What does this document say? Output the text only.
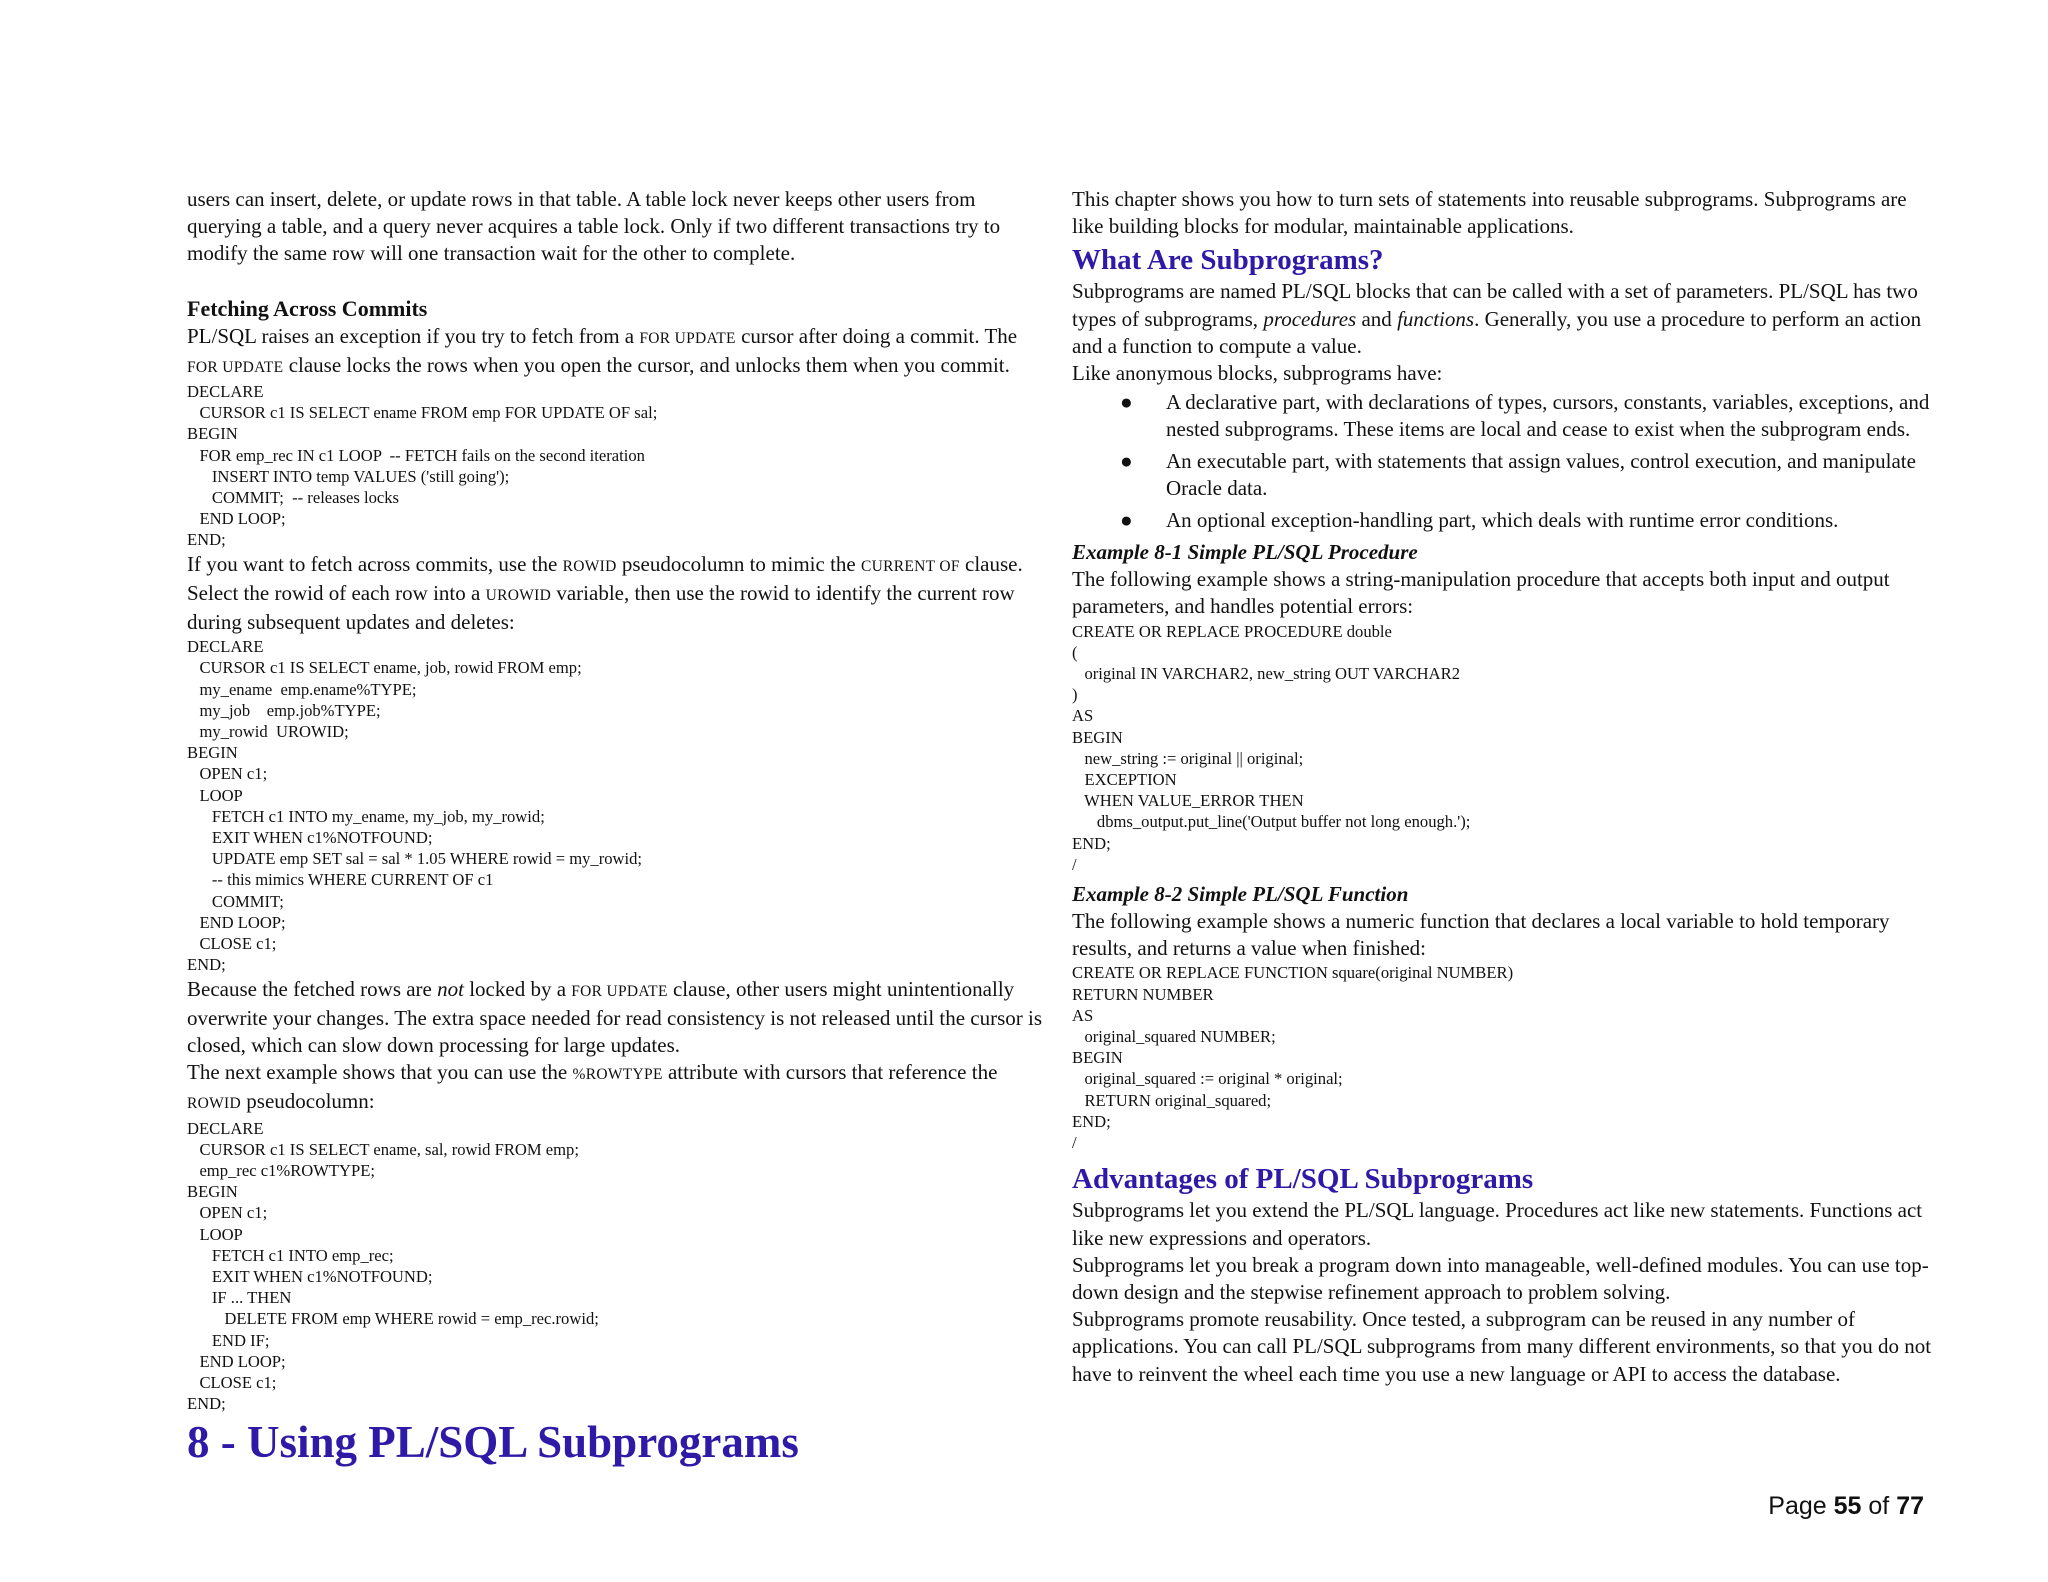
users can insert, delete, or update rows in that table. A table lock never keeps other users from querying a table, and a query never acquires a table lock. Only if two different transactions try to modify the same row will one transaction wait for the other to complete.

Fetching Across Commits

PL/SQL raises an exception if you try to fetch from a FOR UPDATE cursor after doing a commit. The FOR UPDATE clause locks the rows when you open the cursor, and unlocks them when you commit.

DECLARE
CURSOR c1 IS SELECT ename FROM emp FOR UPDATE OF sal;
BEGIN
FOR emp_rec IN c1 LOOP  -- FETCH fails on the second iteration
INSERT INTO temp VALUES ('still going');
COMMIT;  -- releases locks
END LOOP;
END;

If you want to fetch across commits, use the ROWID pseudocolumn to mimic the CURRENT OF clause. Select the rowid of each row into a UROWID variable, then use the rowid to identify the current row during subsequent updates and deletes:

DECLARE
CURSOR c1 IS SELECT ename, job, rowid FROM emp;
my_ename  emp.ename%TYPE;
my_job    emp.job%TYPE;
my_rowid  UROWID;
BEGIN
OPEN c1;
LOOP
FETCH c1 INTO my_ename, my_job, my_rowid;
EXIT WHEN c1%NOTFOUND;
UPDATE emp SET sal = sal * 1.05 WHERE rowid = my_rowid;
-- this mimics WHERE CURRENT OF c1
COMMIT;
END LOOP;
CLOSE c1;
END;

Because the fetched rows are not locked by a FOR UPDATE clause, other users might unintentionally overwrite your changes. The extra space needed for read consistency is not released until the cursor is closed, which can slow down processing for large updates.

The next example shows that you can use the %ROWTYPE attribute with cursors that reference the ROWID pseudocolumn:

DECLARE
CURSOR c1 IS SELECT ename, sal, rowid FROM emp;
emp_rec c1%ROWTYPE;
BEGIN
OPEN c1;
LOOP
FETCH c1 INTO emp_rec;
EXIT WHEN c1%NOTFOUND;
IF ... THEN
DELETE FROM emp WHERE rowid = emp_rec.rowid;
END IF;
END LOOP;
CLOSE c1;
END;
8 - Using PL/SQL Subprograms

This chapter shows you how to turn sets of statements into reusable subprograms. Subprograms are like building blocks for modular, maintainable applications.

What Are Subprograms?

Subprograms are named PL/SQL blocks that can be called with a set of parameters. PL/SQL has two types of subprograms, procedures and functions. Generally, you use a procedure to perform an action and a function to compute a value.

Like anonymous blocks, subprograms have:

● A declarative part, with declarations of types, cursors, constants, variables, exceptions, and nested subprograms. These items are local and cease to exist when the subprogram ends.
● An executable part, with statements that assign values, control execution, and manipulate Oracle data.
● An optional exception-handling part, which deals with runtime error conditions.

Example 8-1 Simple PL/SQL Procedure

The following example shows a string-manipulation procedure that accepts both input and output parameters, and handles potential errors:

CREATE OR REPLACE PROCEDURE double
(
original IN VARCHAR2, new_string OUT VARCHAR2
)
AS
BEGIN
new_string := original || original;
EXCEPTION
WHEN VALUE_ERROR THEN
dbms_output.put_line('Output buffer not long enough.');
END;
/

Example 8-2 Simple PL/SQL Function

The following example shows a numeric function that declares a local variable to hold temporary results, and returns a value when finished:

CREATE OR REPLACE FUNCTION square(original NUMBER)
RETURN NUMBER
AS
original_squared NUMBER;
BEGIN
original_squared := original * original;
RETURN original_squared;
END;
/
Advantages of PL/SQL Subprograms

Subprograms let you extend the PL/SQL language. Procedures act like new statements. Functions act like new expressions and operators.

Subprograms let you break a program down into manageable, well-defined modules. You can use top-down design and the stepwise refinement approach to problem solving.

Subprograms promote reusability. Once tested, a subprogram can be reused in any number of applications. You can call PL/SQL subprograms from many different environments, so that you do not have to reinvent the wheel each time you use a new language or API to access the database.

Page 55 of 77
